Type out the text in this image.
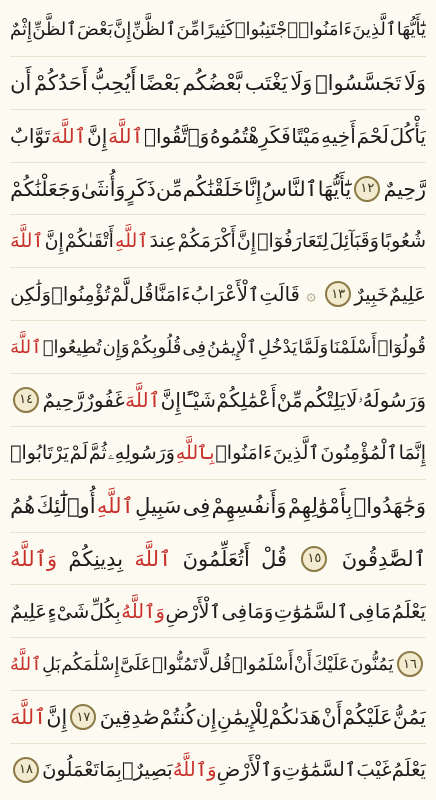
يَٰٓأَيُّهَا
ٱلَّذِينَ
ءَامَنُوا۟
ٱجْتَنِبُوا۟
كَثِيرًا
مِّنَ
ٱلظَّنِّ
إِنَّ
بَعْضَ
ٱلظَّنِّ
إِثْمٌ
وَلَا
تَجَسَّسُوا۟
وَلَا
يَغْتَب
بَّعْضُكُم
بَعْضًا
أَيُحِبُّ
أَحَدُكُمْ
أَن
يَأْكُلَ
لَحْمَ
أَخِيهِ
مَيْتًا
فَكَرِهْتُمُوهُ
وَٱتَّقُوا۟
ٱللَّهَ
إِنَّ
ٱللَّهَ
تَوَّابٌ
رَّحِيمٌ
١٢
يَٰٓأَيُّهَا
ٱلنَّاسُ
إِنَّا
خَلَقْنَٰكُم
مِّن
ذَكَرٍ
وَأُنثَىٰ
وَجَعَلْنَٰكُمْ
شُعُوبًا
وَقَبَآئِلَ
لِتَعَارَفُوٓا۟
إِنَّ
أَكْرَمَكُمْ
عِندَ
ٱللَّهِ
أَتْقَىٰكُمْ
إِنَّ
ٱللَّهَ
عَلِيمٌ
خَبِيرٌ
١٣
۞
قَالَتِ
ٱلْأَعْرَابُ
ءَامَنَّا
قُل
لَّمْ
تُؤْمِنُوا۟
وَلَٰكِن
قُولُوٓا۟
أَسْلَمْنَا
وَلَمَّا
يَدْخُلِ
ٱلْإِيمَٰنُ
فِى
قُلُوبِكُمْ
وَإِن
تُطِيعُوا۟
ٱللَّهَ
وَرَسُولَهُۥ
لَا
يَلِتْكُم
مِّنْ
أَعْمَٰلِكُمْ
شَيْـًٔا
إِنَّ
ٱللَّهَ
غَفُورٌ
رَّحِيمٌ
١٤
إِنَّمَا
ٱلْمُؤْمِنُونَ
ٱلَّذِينَ
ءَامَنُوا۟
بِٱللَّهِ
وَرَسُولِهِۦ
ثُمَّ
لَمْ
يَرْتَابُوا۟
وَجَٰهَدُوا۟
بِأَمْوَٰلِهِمْ
وَأَنفُسِهِمْ
فِى
سَبِيلِ
ٱللَّهِ
أُو۟لَٰٓئِكَ
هُمُ
ٱلصَّٰدِقُونَ
١٥
قُلْ
أَتُعَلِّمُونَ
ٱللَّهَ
بِدِينِكُمْ
وَٱللَّهُ
يَعْلَمُ
مَا
فِى
ٱلسَّمَٰوَٰتِ
وَمَا
فِى
ٱلْأَرْضِ
وَٱللَّهُ
بِكُلِّ
شَىْءٍ
عَلِيمٌ
١٦
يَمُنُّونَ
عَلَيْكَ
أَنْ
أَسْلَمُوا۟
قُل
لَّا
تَمُنُّوا۟
عَلَىَّ
إِسْلَٰمَكُم
بَلِ
ٱللَّهُ
يَمُنُّ
عَلَيْكُمْ
أَنْ
هَدَىٰكُمْ
لِلْإِيمَٰنِ
إِن
كُنتُمْ
صَٰدِقِينَ
١٧
إِنَّ
ٱللَّهَ
يَعْلَمُ
غَيْبَ
ٱلسَّمَٰوَٰتِ
وَٱلْأَرْضِ
وَٱللَّهُ
بَصِيرٌۢ
بِمَا
تَعْمَلُونَ
١٨
